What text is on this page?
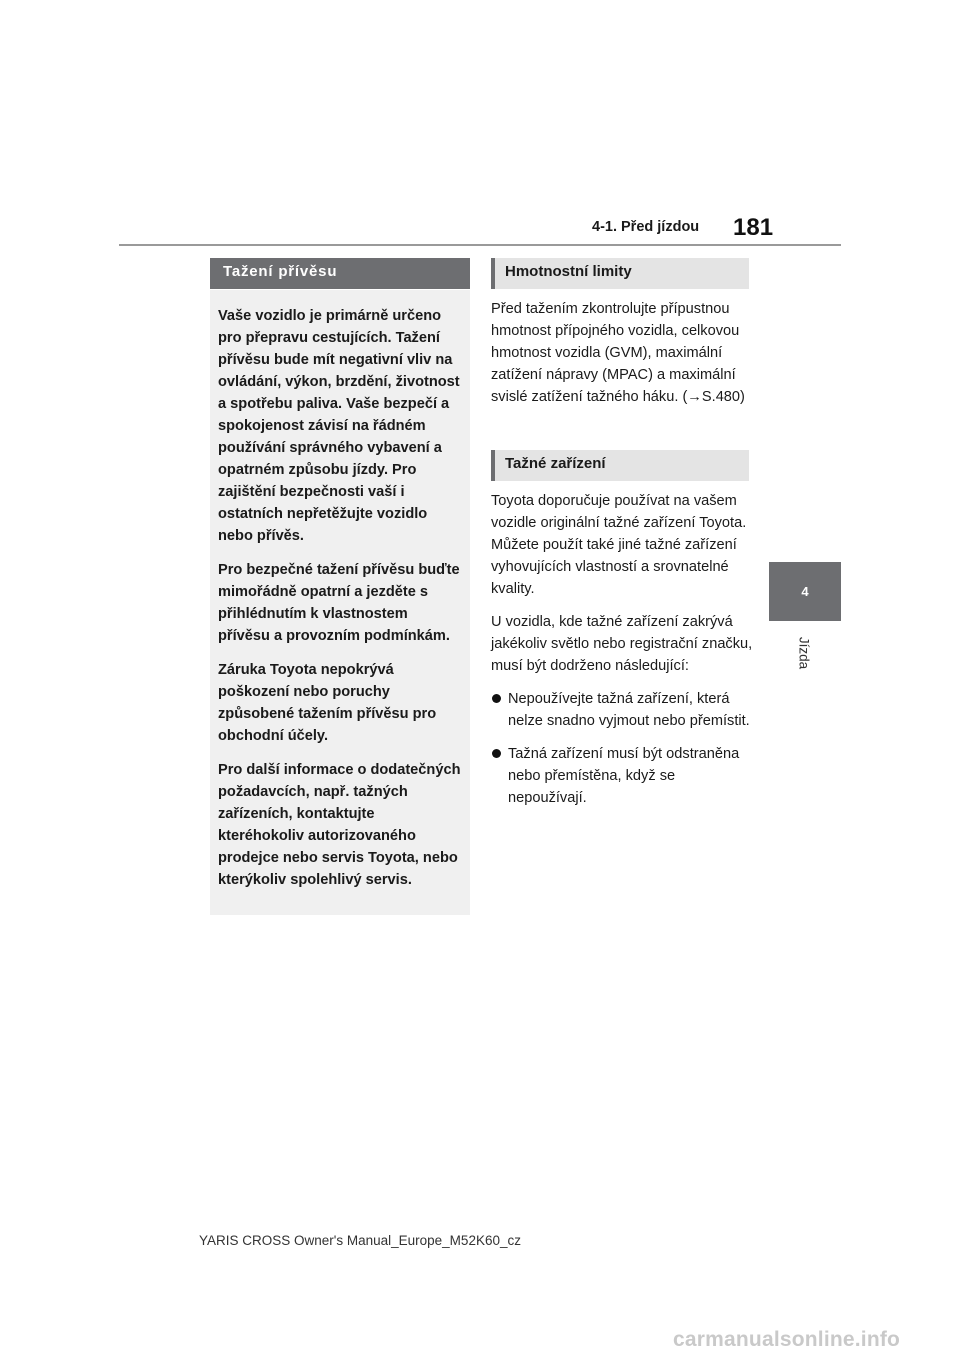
4-1. Před jízdou 181
4
Jízda
Tažení přívěsu

Vaše vozidlo je primárně určeno pro přepravu cestujících. Tažení přívěsu bude mít negativní vliv na ovládání, výkon, brzdění, životnost a spotřebu paliva. Vaše bezpečí a spokojenost závisí na řádném používání správného vybavení a opatrném způsobu jízdy. Pro zajištění bezpečnosti vaší i ostatních nepřetěžujte vozidlo nebo přívěs.

Pro bezpečné tažení přívěsu buďte mimořádně opatrní a jezděte s přihlédnutím k vlastnostem přívěsu a provozním podmínkám.

Záruka Toyota nepokrývá poškození nebo poruchy způsobené tažením přívěsu pro obchodní účely.

Pro další informace o dodatečných požadavcích, např. tažných zařízeních, kontaktujte kteréhokoliv autorizovaného prodejce nebo servis Toyota, nebo kterýkoliv spolehlivý servis.

Hmotnostní limity

Před tažením zkontrolujte přípustnou hmotnost přípojného vozidla, celkovou hmotnost vozidla (GVM), maximální zatížení nápravy (MPAC) a maximální svislé zatížení tažného háku. (→S.480)

Tažné zařízení

Toyota doporučuje používat na vašem vozidle originální tažné zařízení Toyota. Můžete použít také jiné tažné zařízení vyhovujících vlastností a srovnatelné kvality.

U vozidla, kde tažné zařízení zakrývá jakékoliv světlo nebo registrační značku, musí být dodrženo následující:

Nepoužívejte tažná zařízení, která nelze snadno vyjmout nebo přemístit.
Tažná zařízení musí být odstraněna nebo přemístěna, když se nepoužívají.
YARIS CROSS Owner's Manual_Europe_M52K60_cz
carmanualsonline.info
